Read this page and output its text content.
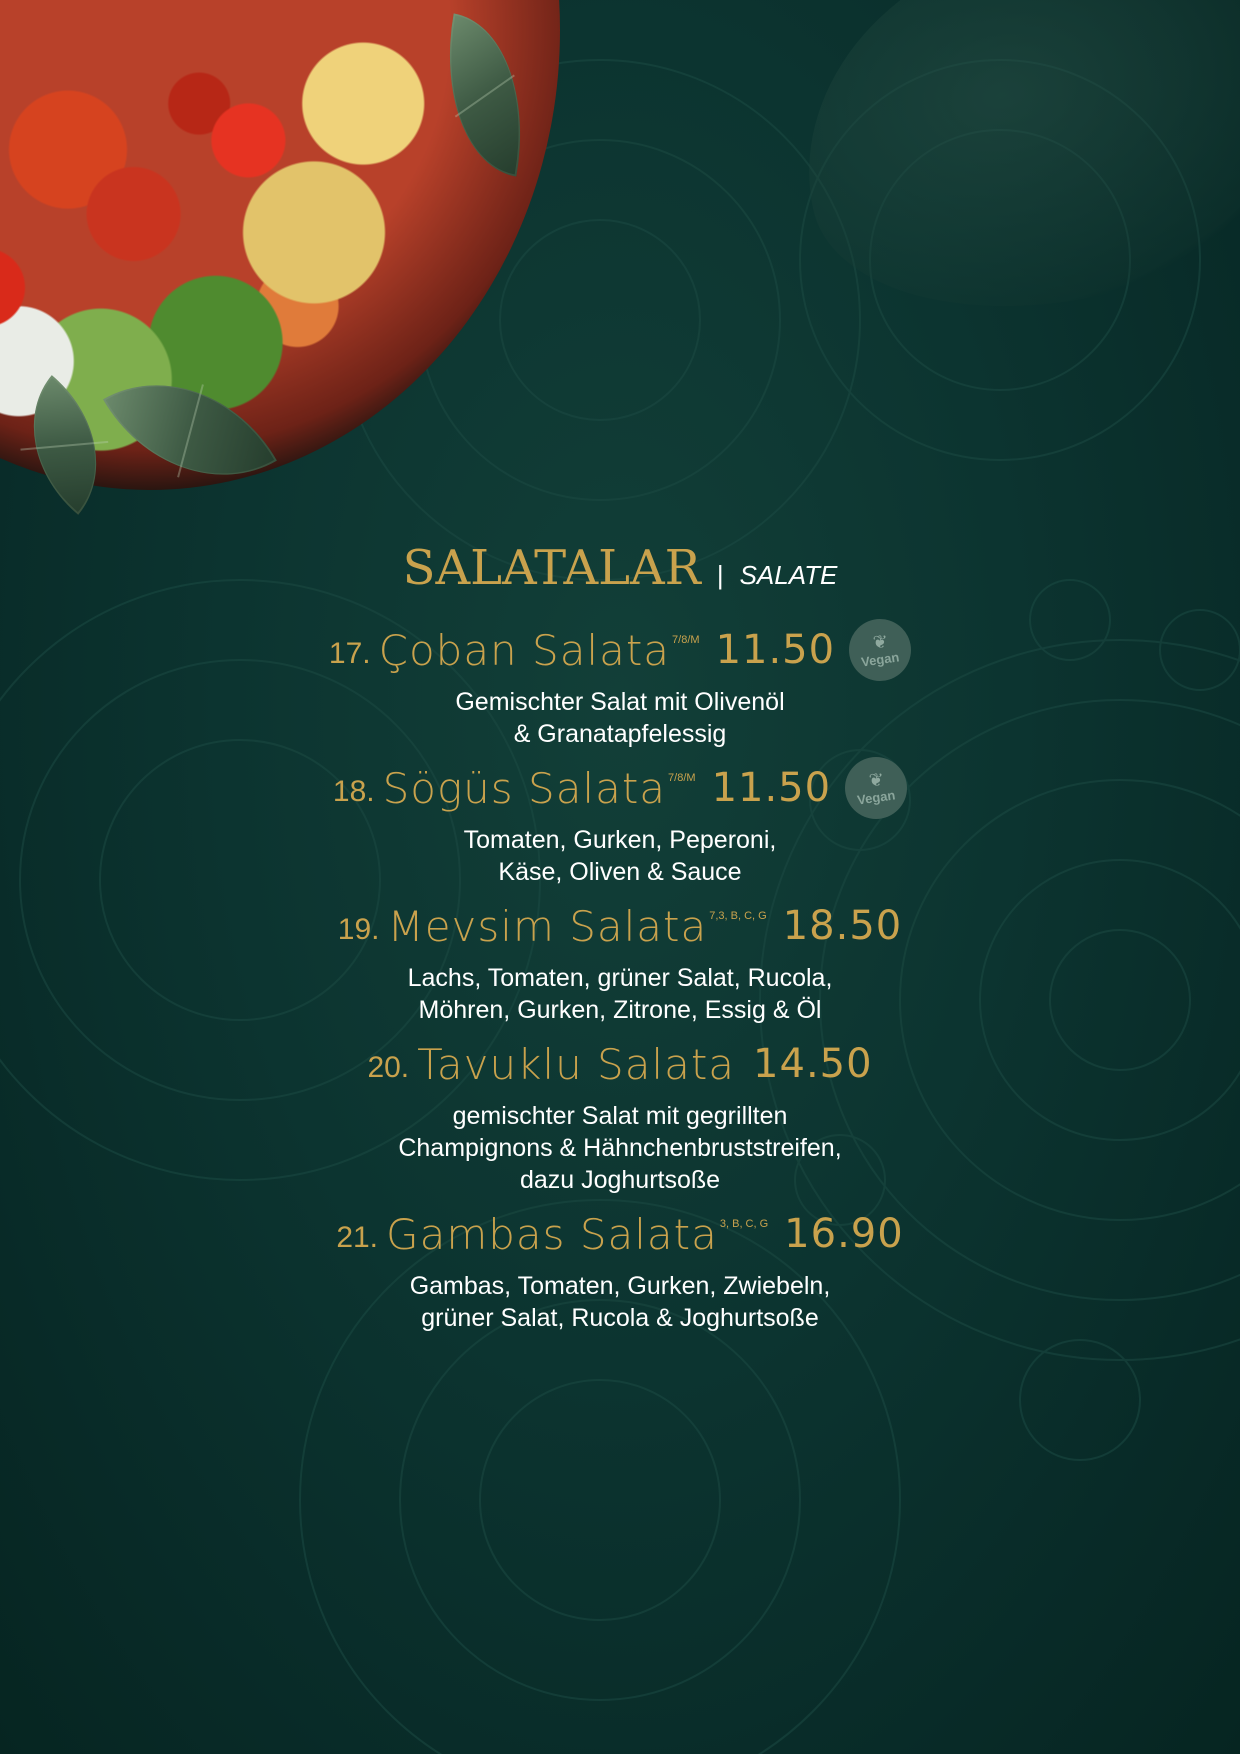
SALATALAR | SALATE
17. Çoban Salata 7/8/M 11.50 ❦
Vegan
Gemischter Salat mit Olivenöl
& Granatapfelessig
18. Sögüs Salata 7/8/M 11.50 ❦
Vegan
Tomaten, Gurken, Peperoni,
Käse, Oliven & Sauce
19. Mevsim Salata 7,3, B, C, G 18.50
Lachs, Tomaten, grüner Salat, Rucola,
Möhren, Gurken, Zitrone, Essig & Öl
20. Tavuklu Salata 14.50
gemischter Salat mit gegrillten
Champignons & Hähnchenbruststreifen,
dazu Joghurtsoße
21. Gambas Salata 3, B, C, G 16.90
Gambas, Tomaten, Gurken, Zwiebeln,
grüner Salat, Rucola & Joghurtsoße
